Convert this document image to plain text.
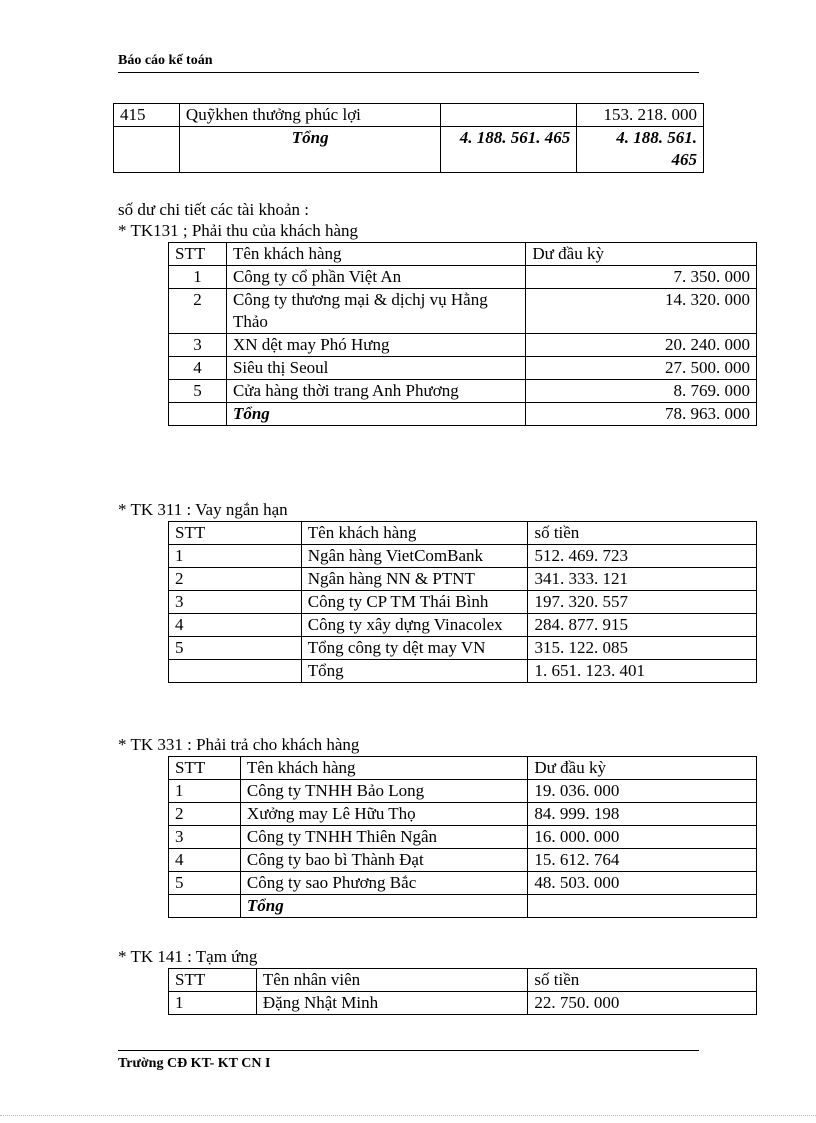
Báo cáo kế toán
415	Quỹkhen thưởng phúc lợi		153. 218. 000
	Tổng	4. 188. 561. 465	4. 188. 561.
465
số dư chi tiết các tài khoản :
* TK131 ; Phải thu của khách hàng
STT	Tên khách hàng	Dư đầu kỳ
1	Công ty cổ phần Việt An	7. 350. 000
2	Công ty thương mại & dịchj vụ Hằng Thảo	14. 320. 000
3	XN dệt may Phó Hưng	20. 240. 000
4	Siêu thị Seoul	27. 500. 000
5	Cửa hàng thời trang Anh Phương	8. 769. 000
	Tổng	78. 963. 000
* TK 311 : Vay ngắn hạn
STT	Tên khách hàng	số tiền
1	Ngân hàng VietComBank	512. 469. 723
2	Ngân hàng NN & PTNT	341. 333. 121
3	Công ty CP TM Thái Bình	197. 320. 557
4	Công ty xây dựng Vinacolex	284. 877. 915
5	Tổng công ty dệt may VN	315. 122. 085
	Tổng	1. 651. 123. 401
* TK 331 : Phải trả cho khách hàng
STT	Tên khách hàng	Dư đầu kỳ
1	Công ty TNHH Bảo Long	19. 036. 000
2	Xưởng may Lê Hữu Thọ	84. 999. 198
3	Công ty TNHH Thiên Ngân	16. 000. 000
4	Công ty bao bì Thành Đạt	15. 612. 764
5	Công ty sao Phương Bắc	48. 503. 000
	Tổng	
* TK 141 : Tạm ứng
STT	Tên nhân viên	số tiền
1	Đặng Nhật Minh	22. 750. 000
Trường CĐ KT- KT CN I
